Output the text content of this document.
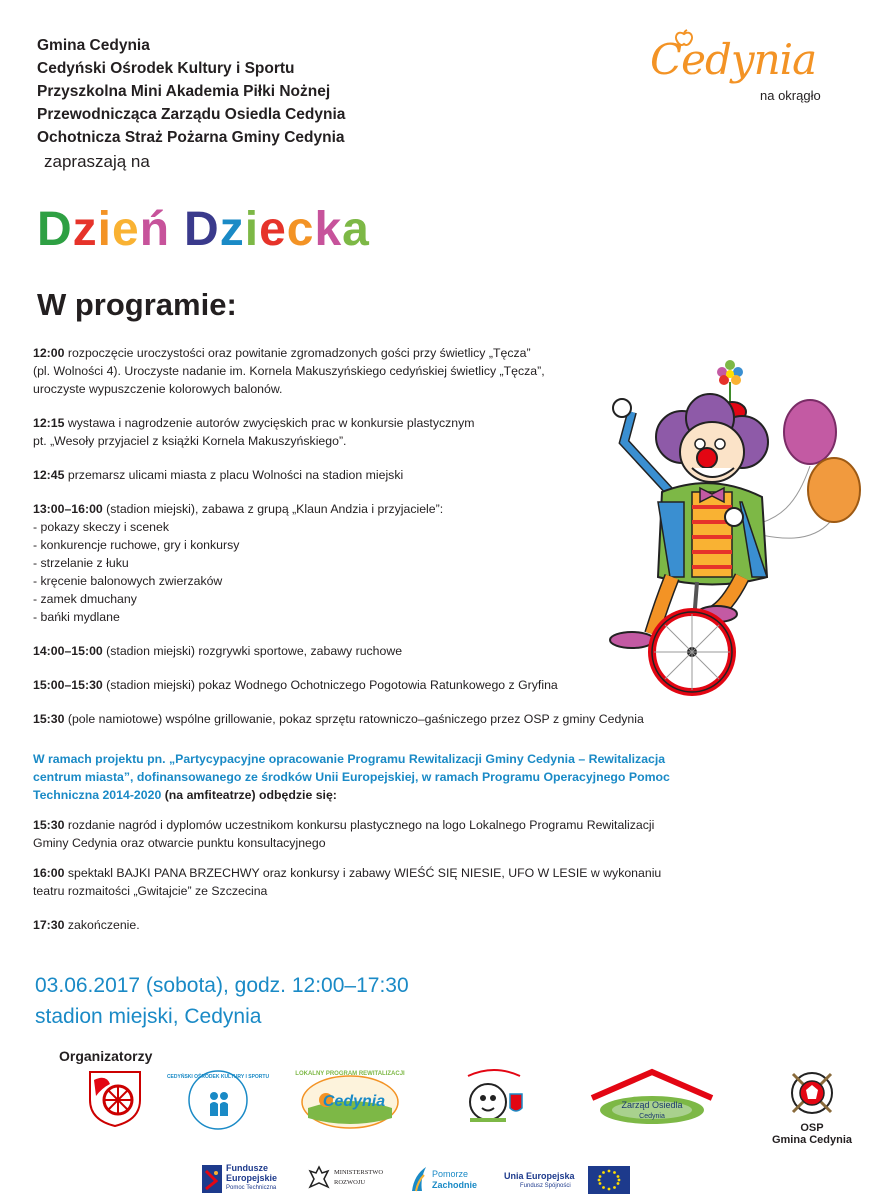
Gmina Cedynia
Cedyński Ośrodek Kultury i Sportu
Przyszkolna Mini Akademia Piłki Nożnej
Przewodnicząca Zarządu Osiedla Cedynia
Ochotnicza Straż Pożarna Gminy Cedynia
zapraszają na
Cedynia
na okrągło
Dzień Dziecka
W programie:

12:00 rozpoczęcie uroczystości oraz powitanie zgromadzonych gości przy świetlicy „Tęcza”
(pl. Wolności 4). Uroczyste nadanie im. Kornela Makuszyńskiego cedyńskiej świetlicy „Tęcza”,
uroczyste wypuszczenie kolorowych balonów.

12:15 wystawa i nagrodzenie autorów zwycięskich prac w konkursie plastycznym
pt. „Wesoły przyjaciel z książki Kornela Makuszyńskiego”.

12:45 przemarsz ulicami miasta z placu Wolności na stadion miejski

13:00–16:00 (stadion miejski), zabawa z grupą „Klaun Andzia i przyjaciele”:
- pokazy skeczy i scenek
- konkurencje ruchowe, gry i konkursy
- strzelanie z łuku
- kręcenie balonowych zwierzaków
- zamek dmuchany
- bańki mydlane

14:00–15:00 (stadion miejski) rozgrywki sportowe, zabawy ruchowe

15:00–15:30 (stadion miejski) pokaz Wodnego Ochotniczego Pogotowia Ratunkowego z Gryfina

15:30 (pole namiotowe) wspólne grillowanie, pokaz sprzętu ratowniczo–gaśniczego przez OSP z gminy Cedynia

W ramach projektu pn. „Partycypacyjne opracowanie Programu Rewitalizacji Gminy Cedynia – Rewitalizacja
centrum miasta”, dofinansowanego ze środków Unii Europejskiej, w ramach Programu Operacyjnego Pomoc
Techniczna 2014-2020 (na amfiteatrze) odbędzie się:

15:30 rozdanie nagród i dyplomów uczestnikom konkursu plastycznego na logo Lokalnego Programu Rewitalizacji
Gminy Cedynia oraz otwarcie punktu konsultacyjnego

16:00 spektakl BAJKI PANA BRZECHWY oraz konkursy i zabawy WIEŚĆ SIĘ NIESIE, UFO W LESIE w wykonaniu
teatru rozmaitości „Gwitajcie” ze Szczecina

17:30 zakończenie.

03.06.2017 (sobota), godz. 12:00–17:30
stadion miejski, Cedynia
Organizatorzy
CEDYŃSKI OŚRODEK KULTURY I SPORTU	LOKALNY PROGRAM REWITALIZACJI
Cedynia	Zarząd Osiedla
Cedynia
OSP
Gmina Cedynia
Fundusze
Europejskie
Pomoc Techniczna
MINISTERSTWO
ROZWOJU
Pomorze
Zachodnie
Unia Europejska
Fundusz Spójności
